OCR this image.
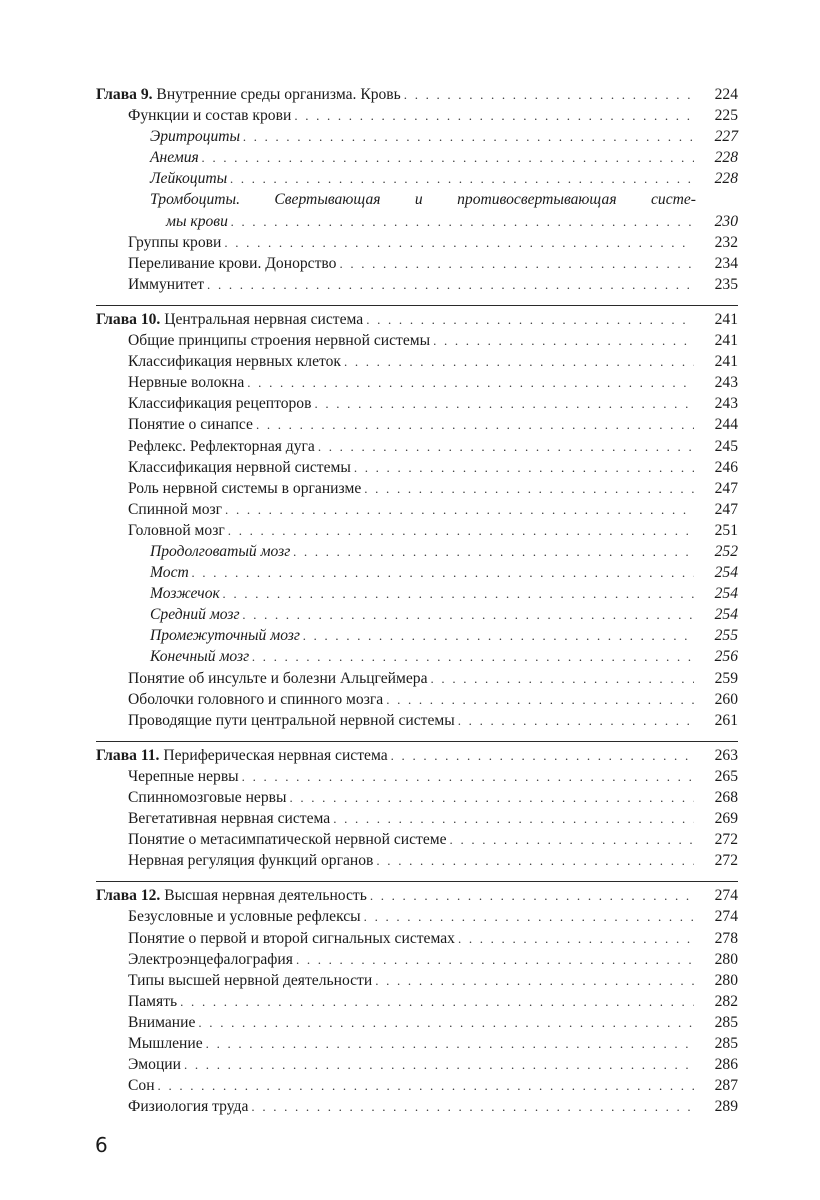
Глава 9. Внутренние среды организма. Кровь . . .	224
Функции и состав крови . . .	225
Эритроциты . . .	227
Анемия . . .	228
Лейкоциты . . .	228
Тромбоциты. Свертывающая и противосвертывающая систе-
мы крови . . .	230
Группы крови . . .	232
Переливание крови. Донорство . . .	234
Иммунитет . . .	235
Глава 10. Центральная нервная система . . .	241
Общие принципы строения нервной системы . . .	241
Классификация нервных клеток . . .	241
Нервные волокна . . .	243
Классификация рецепторов . . .	243
Понятие о синапсе . . .	244
Рефлекс. Рефлекторная дуга . . .	245
Классификация нервной системы . . .	246
Роль нервной системы в организме . . .	247
Спинной мозг . . .	247
Головной мозг . . .	251
Продолговатый мозг . . .	252
Мост . . .	254
Мозжечок . . .	254
Средний мозг . . .	254
Промежуточный мозг . . .	255
Конечный мозг . . .	256
Понятие об инсульте и болезни Альцгеймера . . .	259
Оболочки головного и спинного мозга . . .	260
Проводящие пути центральной нервной системы . . .	261
Глава 11. Периферическая нервная система . . .	263
Черепные нервы . . .	265
Спинномозговые нервы . . .	268
Вегетативная нервная система . . .	269
Понятие о метасимпатической нервной системе . . .	272
Нервная регуляция функций органов . . .	272
Глава 12. Высшая нервная деятельность . . .	274
Безусловные и условные рефлексы . . .	274
Понятие о первой и второй сигнальных системах . . .	278
Электроэнцефалография . . .	280
Типы высшей нервной деятельности . . .	280
Память . . .	282
Внимание . . .	285
Мышление . . .	285
Эмоции . . .	286
Сон . . .	287
Физиология труда . . .	289
6
